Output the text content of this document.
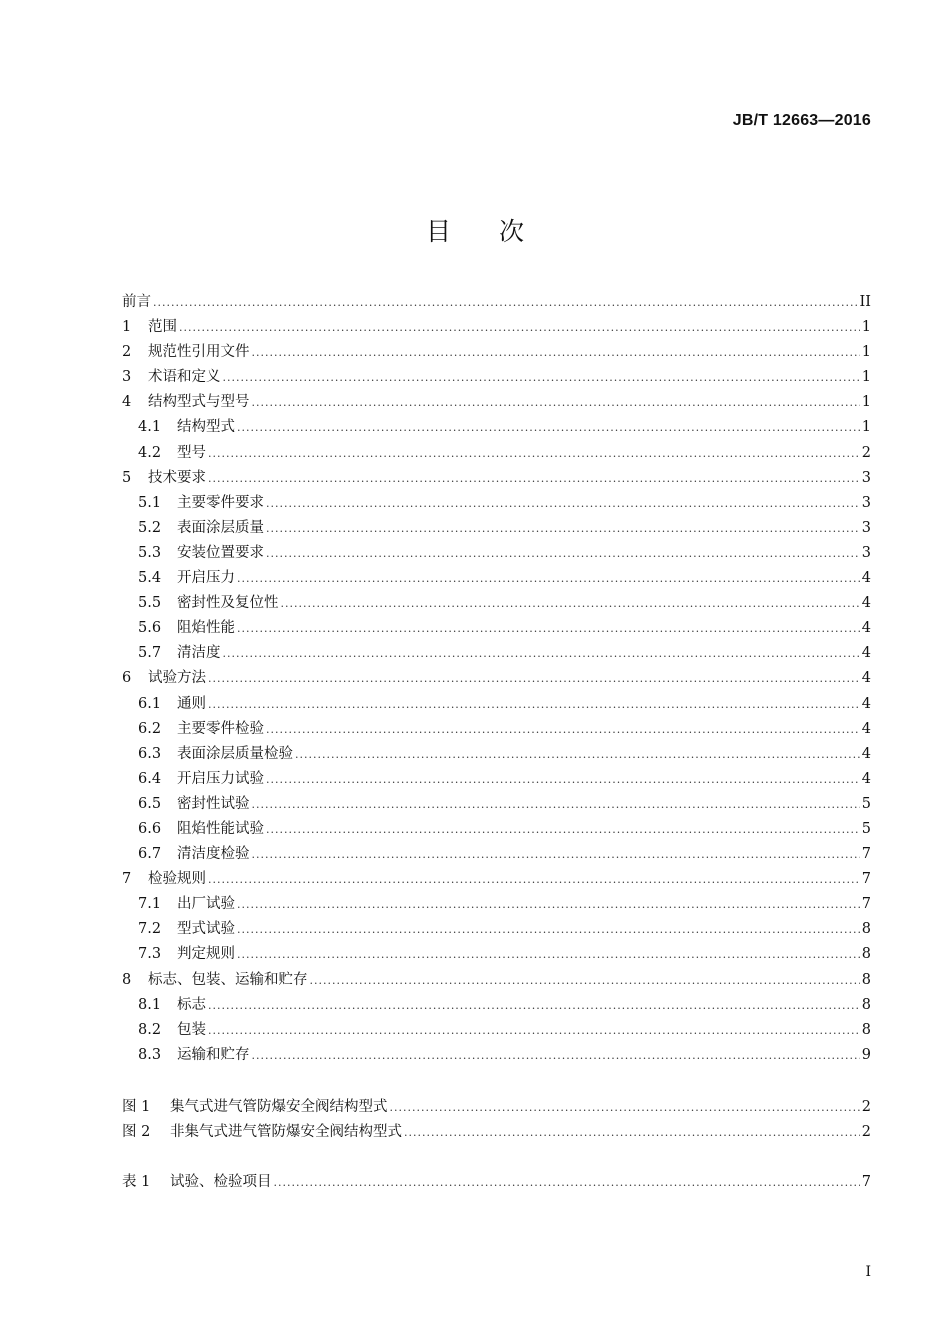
JB/T 12663—2016
目 次
前言 .....	II
1	范围 .....	1
2	规范性引用文件 .....	1
3	术语和定义 .....	1
4	结构型式与型号 .....	1
4.1	结构型式 .....	1
4.2	型号 .....	2
5	技术要求 .....	3
5.1	主要零件要求 .....	3
5.2	表面涂层质量 .....	3
5.3	安装位置要求 .....	3
5.4	开启压力 .....	4
5.5	密封性及复位性 .....	4
5.6	阻焰性能 .....	4
5.7	清洁度 .....	4
6	试验方法 .....	4
6.1	通则 .....	4
6.2	主要零件检验 .....	4
6.3	表面涂层质量检验 .....	4
6.4	开启压力试验 .....	4
6.5	密封性试验 .....	5
6.6	阻焰性能试验 .....	5
6.7	清洁度检验 .....	7
7	检验规则 .....	7
7.1	出厂试验 .....	7
7.2	型式试验 .....	8
7.3	判定规则 .....	8
8	标志、包装、运输和贮存 .....	8
8.1	标志 .....	8
8.2	包装 .....	8
8.3	运输和贮存 .....	9
图 1	集气式进气管防爆安全阀结构型式 .....	2
图 2	非集气式进气管防爆安全阀结构型式 .....	2
表 1	试验、检验项目 .....	7
I
